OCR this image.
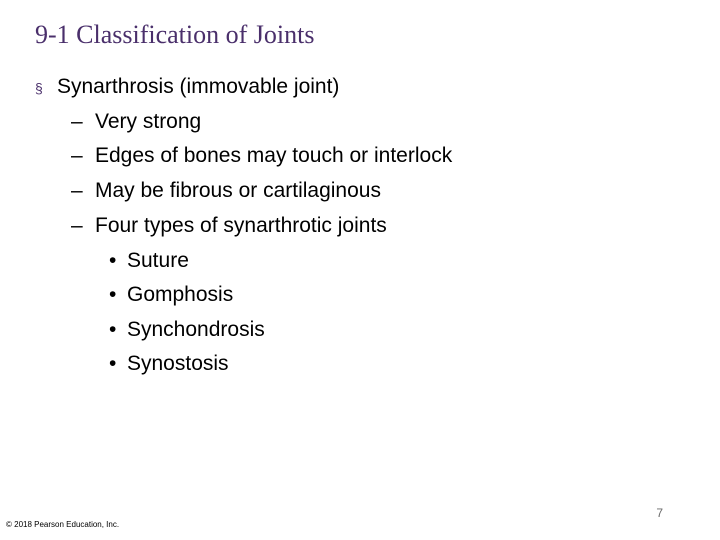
9-1 Classification of Joints
§ Synarthrosis (immovable joint)
– Very strong
– Edges of bones may touch or interlock
– May be fibrous or cartilaginous
– Four types of synarthrotic joints
• Suture
• Gomphosis
• Synchondrosis
• Synostosis
7
© 2018 Pearson Education, Inc.
